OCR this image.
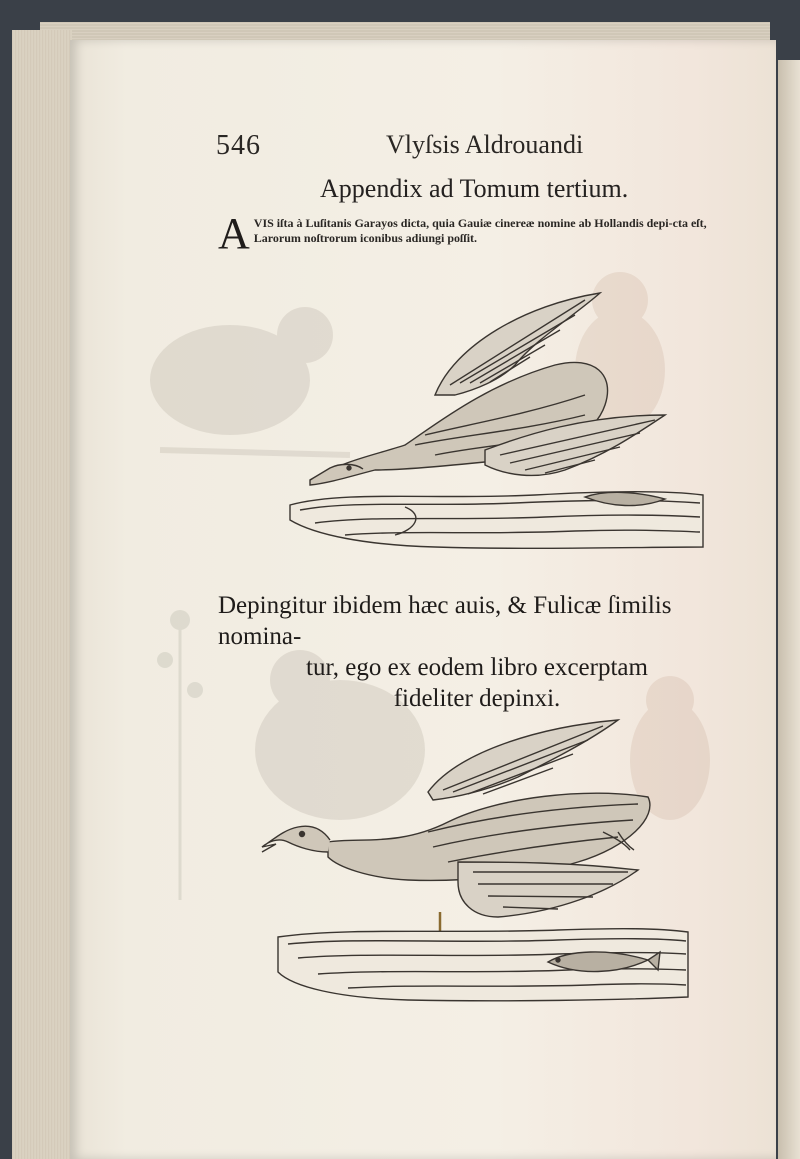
546	Vlyſsis Aldrouandi
Appendix ad Tomum tertium.
A VIS iſta à Luſitanis Garayos dicta, quia Gauiæ cinereæ nomine ab Hollandis depi-cta eſt, Larorum noſtrorum iconibus adiungi poſſit.

Depingitur ibidem hæc auis, & Fulicæ ſimilis nomina-

tur, ego ex eodem libro excerptam

fideliter depinxi.
